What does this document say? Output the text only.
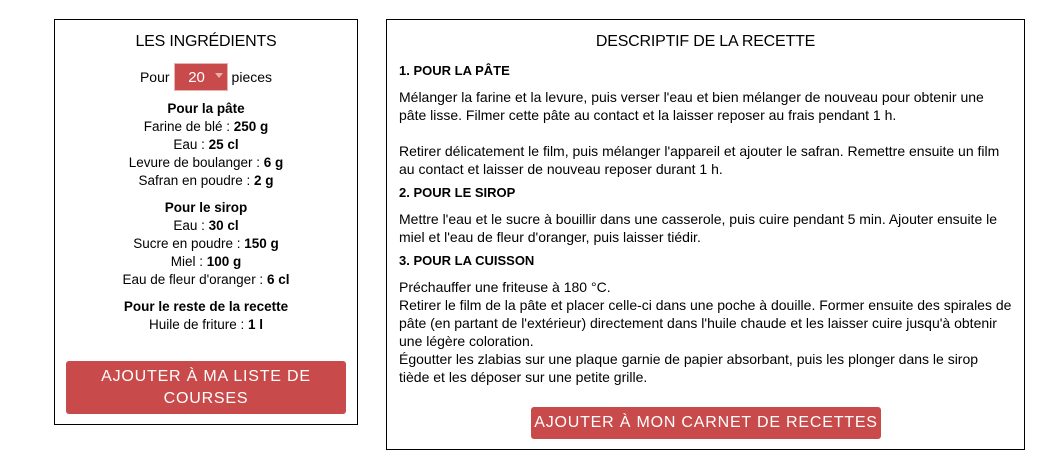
LES INGRÉDIENTS
Pour 20 pieces
Pour la pâte
Farine de blé : 250 g
Eau : 25 cl
Levure de boulanger : 6 g
Safran en poudre : 2 g
Pour le sirop
Eau : 30 cl
Sucre en poudre : 150 g
Miel : 100 g
Eau de fleur d'oranger : 6 cl
Pour le reste de la recette
Huile de friture : 1 l
AJOUTER À MA LISTE DE COURSES
DESCRIPTIF DE LA RECETTE
1. POUR LA PÂTE

Mélanger la farine et la levure, puis verser l'eau et bien mélanger de nouveau pour obtenir une pâte lisse. Filmer cette pâte au contact et la laisser reposer au frais pendant 1 h.

Retirer délicatement le film, puis mélanger l'appareil et ajouter le safran. Remettre ensuite un film au contact et laisser de nouveau reposer durant 1 h.

2. POUR LE SIROP

Mettre l'eau et le sucre à bouillir dans une casserole, puis cuire pendant 5 min. Ajouter ensuite le miel et l'eau de fleur d'oranger, puis laisser tiédir.

3. POUR LA CUISSON

Préchauffer une friteuse à 180 °C.

Retirer le film de la pâte et placer celle-ci dans une poche à douille. Former ensuite des spirales de pâte (en partant de l'extérieur) directement dans l'huile chaude et les laisser cuire jusqu'à obtenir une légère coloration.

Égoutter les zlabias sur une plaque garnie de papier absorbant, puis les plonger dans le sirop tiède et les déposer sur une petite grille.

AJOUTER À MON CARNET DE RECETTES
